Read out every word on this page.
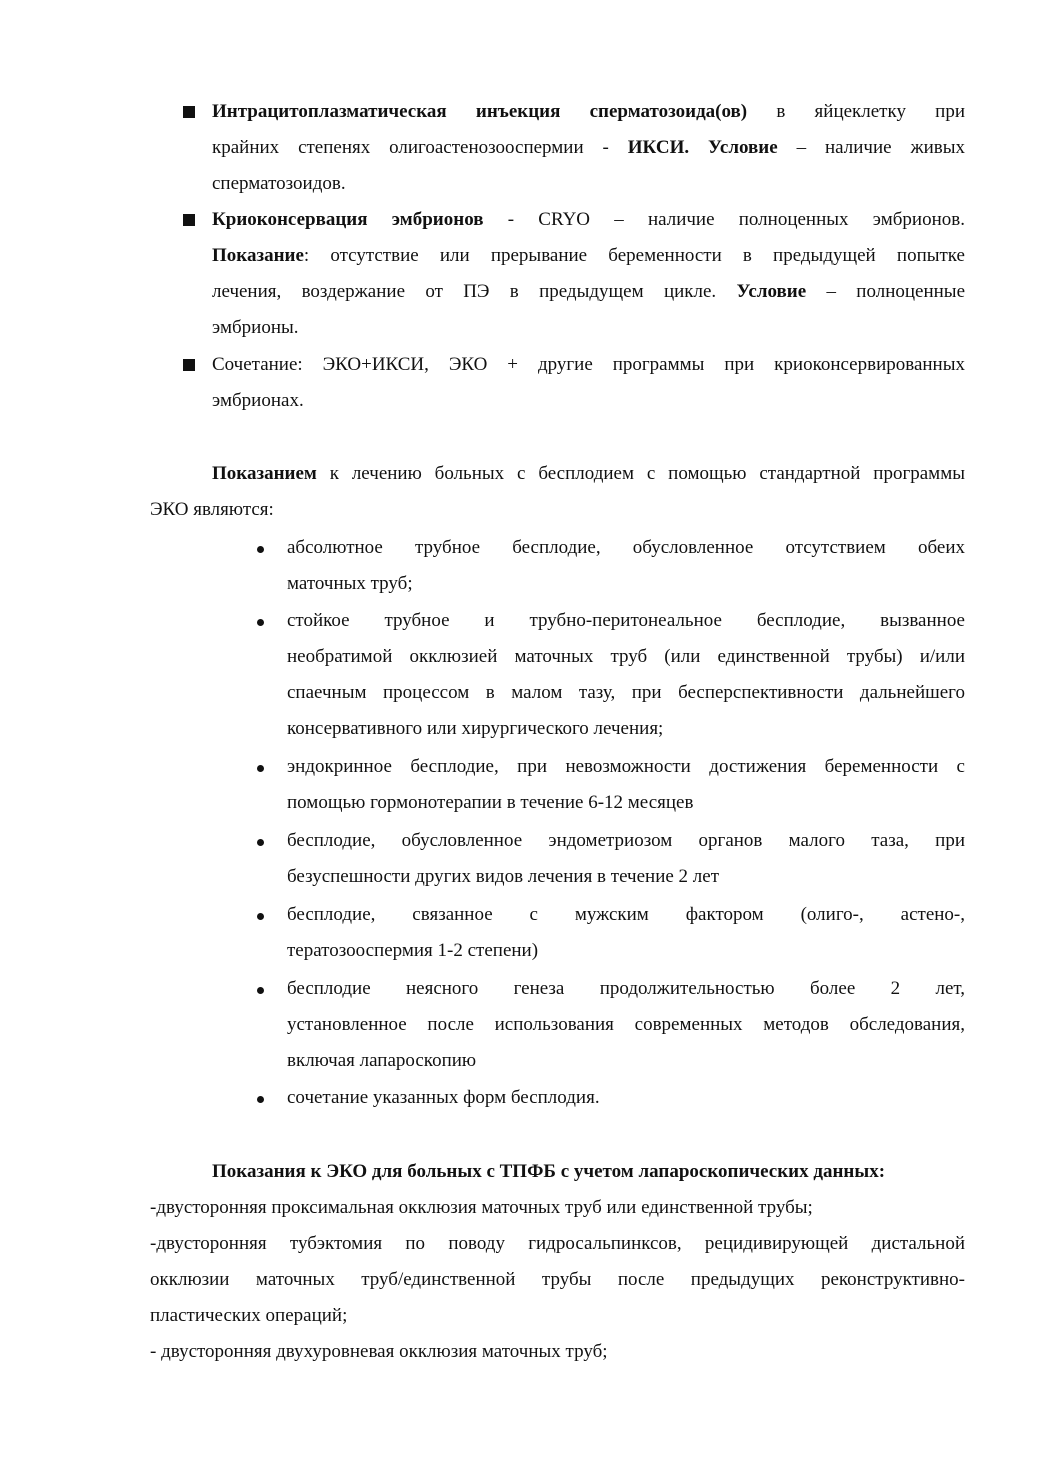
Интрацитоплазматическая инъекция сперматозоида(ов) в яйцеклетку при
крайних степенях олигоастенозооспермии - ИКСИ. Условие – наличие живых
сперматозоидов.
Криоконсервация эмбрионов - CRYO – наличие полноценных эмбрионов.
Показание: отсутствие или прерывание беременности в предыдущей попытке
лечения, воздержание от ПЭ в предыдущем цикле. Условие – полноценные
эмбрионы.
Сочетание: ЭКО+ИКСИ, ЭКО + другие программы при криоконсервированных
эмбрионах.
Показанием к лечению больных с бесплодием с помощью стандартной программы
ЭКО являются:
абсолютное трубное бесплодие, обусловленное отсутствием обеих
маточных труб;
стойкое трубное и трубно-перитонеальное бесплодие, вызванное
необратимой окклюзией маточных труб (или единственной трубы) и/или
спаечным процессом в малом тазу, при бесперспективности дальнейшего
консервативного или хирургического лечения;
эндокринное бесплодие, при невозможности достижения беременности с
помощью гормонотерапии в течение 6-12 месяцев
бесплодие, обусловленное эндометриозом органов малого таза, при
безуспешности других видов лечения в течение 2 лет
бесплодие, связанное с мужским фактором (олиго-, астено-,
тератозооспермия 1-2 степени)
бесплодие неясного генеза продолжительностью более 2 лет,
установленное после использования современных методов обследования,
включая лапароскопию
сочетание указанных форм бесплодия.
Показания к ЭКО для больных с ТПФБ с учетом лапароскопических данных:
-двусторонняя проксимальная окклюзия маточных труб или единственной трубы;
-двусторонняя тубэктомия по поводу гидросальпинксов, рецидивирующей дистальной
окклюзии маточных труб/единственной трубы после предыдущих реконструктивно-
пластических операций;
- двусторонняя двухуровневая окклюзия маточных труб;
